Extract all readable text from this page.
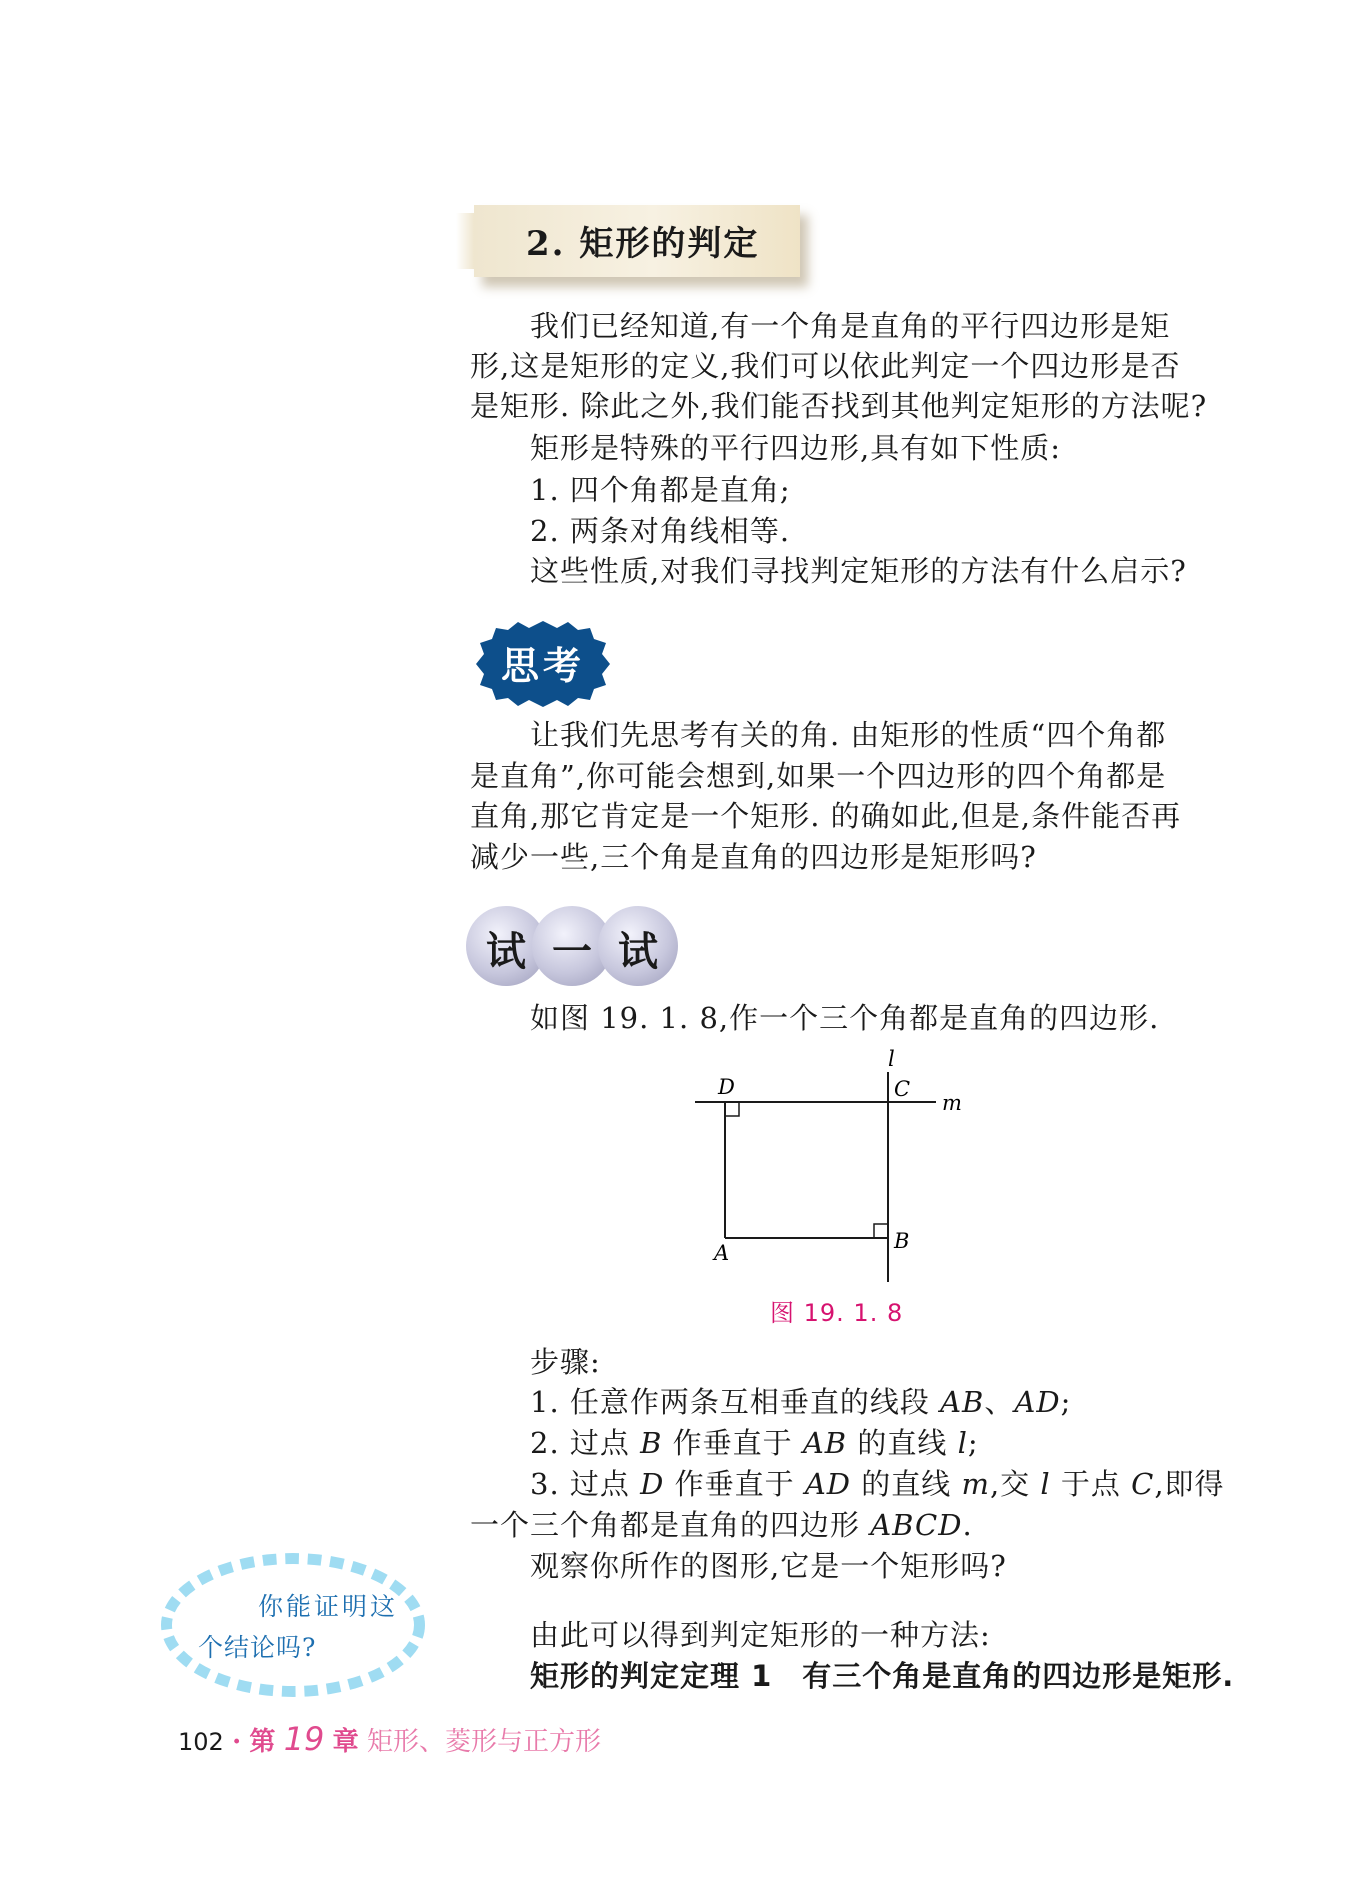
2. 矩形的判定
我们已经知道,有一个角是直角的平行四边形是矩
形,这是矩形的定义,我们可以依此判定一个四边形是否
是矩形. 除此之外,我们能否找到其他判定矩形的方法呢?
矩形是特殊的平行四边形,具有如下性质:
1. 四个角都是直角;
2. 两条对角线相等.
这些性质,对我们寻找判定矩形的方法有什么启示?
思考
让我们先思考有关的角. 由矩形的性质“四个角都
是直角”,你可能会想到,如果一个四边形的四个角都是
直角,那它肯定是一个矩形. 的确如此,但是,条件能否再
减少一些,三个角是直角的四边形是矩形吗?
试 一 试
如图 19. 1. 8,作一个三个角都是直角的四边形.
D	C
l
m
B
A
图 19. 1. 8
步骤:
1. 任意作两条互相垂直的线段 AB、AD;
2. 过点 B 作垂直于 AB 的直线 l;
3. 过点 D 作垂直于 AD 的直线 m,交 l 于点 C,即得
一个三个角都是直角的四边形 ABCD.
观察你所作的图形,它是一个矩形吗?
由此可以得到判定矩形的一种方法:
矩形的判定定理 1　有三个角是直角的四边形是矩形.
你能证明这
个结论吗?
102 · 第 19 章 矩形、菱形与正方形
